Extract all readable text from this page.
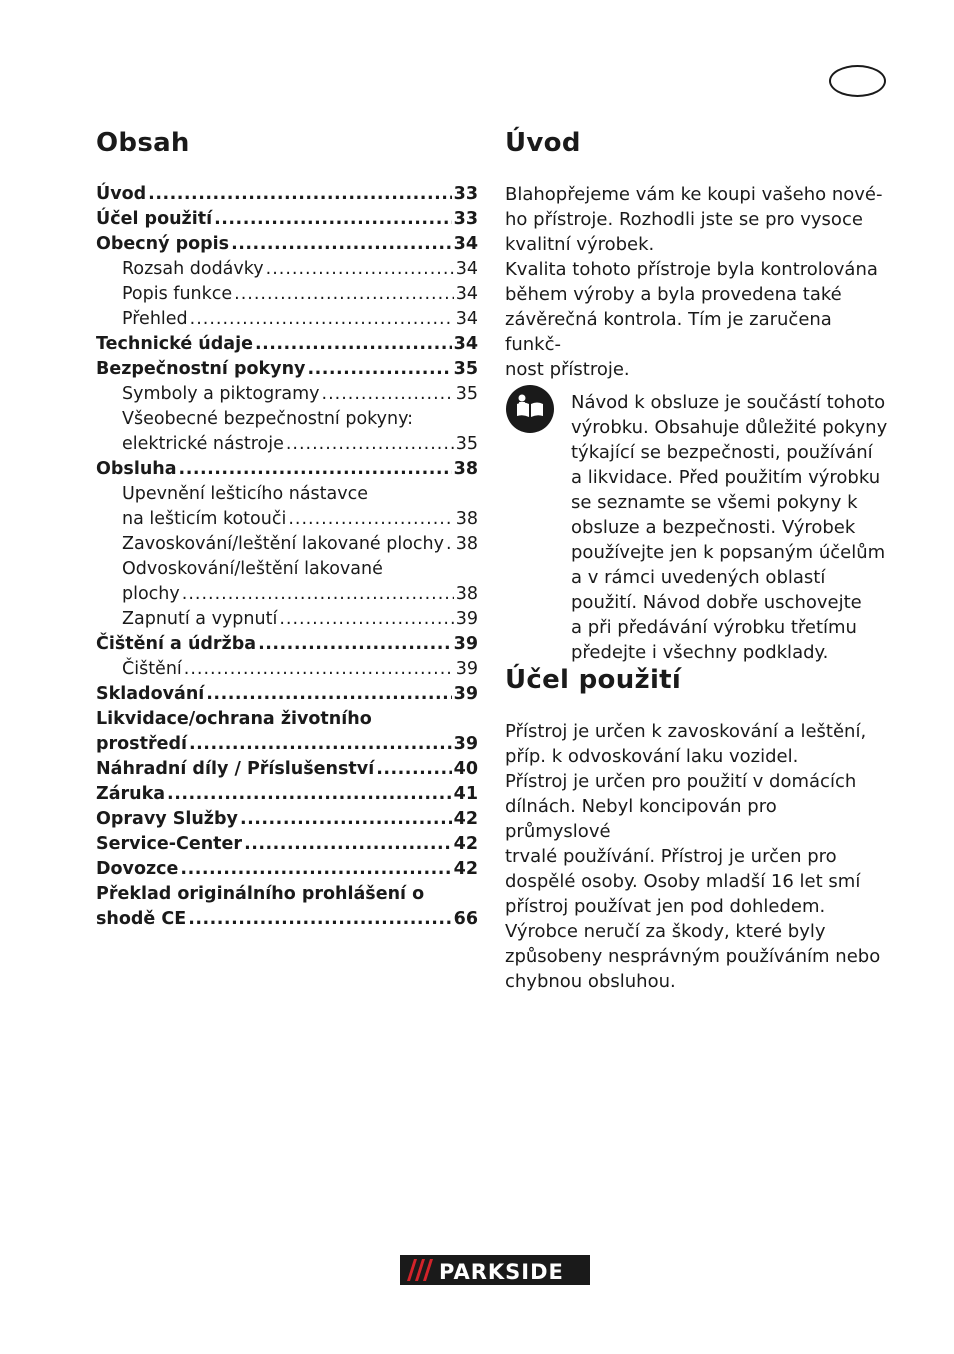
Obsah
Úvod .....	33
Účel použití .....	33
Obecný popis .....	34
Rozsah dodávky .....	34
Popis funkce .....	34
Přehled .....	34
Technické údaje .....	34
Bezpečnostní pokyny .....	35
Symboly a piktogramy .....	35
Všeobecné bezpečnostní pokyny:
elektrické nástroje .....	35
Obsluha .....	38
Upevnění lešticího nástavce
na lešticím kotouči .....	38
Zavoskování/leštění lakované plochy ..... 38
Odvoskování/leštění lakované
plochy .....	38
Zapnutí a vypnutí .....	39
Čištění a údržba .....	39
Čištění .....	39
Skladování .....	39
Likvidace/ochrana životního
prostředí .....	39
Náhradní díly / Příslušenství .....	40
Záruka .....	41
Opravy Služby .....	42
Service-Center .....	42
Dovozce .....	42
Překlad originálního prohlášení o
shodě CE .....	66
Úvod
Blahopřejeme vám ke koupi vašeho nové-
ho přístroje. Rozhodli jste se pro vysoce
kvalitní výrobek.
Kvalita tohoto přístroje byla kontrolována
během výroby a byla provedena také
závěrečná kontrola. Tím je zaručena funkč-
nost přístroje.
Návod k obsluze je součástí tohoto
výrobku. Obsahuje důležité pokyny
týkající se bezpečnosti, používání
a likvidace. Před použitím výrobku
se seznamte se všemi pokyny k
obsluze a bezpečnosti. Výrobek
používejte jen k popsaným účelům
a v rámci uvedených oblastí
použití. Návod dobře uschovejte
a při předávání výrobku třetímu
předejte i všechny podklady.
Účel použití
Přístroj je určen k zavoskování a leštění,
příp. k odvoskování laku vozidel.
Přístroj je určen pro použití v domácích
dílnách. Nebyl koncipován pro průmyslové
trvalé používání. Přístroj je určen pro
dospělé osoby. Osoby mladší 16 let smí
přístroj používat jen pod dohledem.
Výrobce neručí za škody, které byly
způsobeny nesprávným používáním nebo
chybnou obsluhou.
PARKSIDE
